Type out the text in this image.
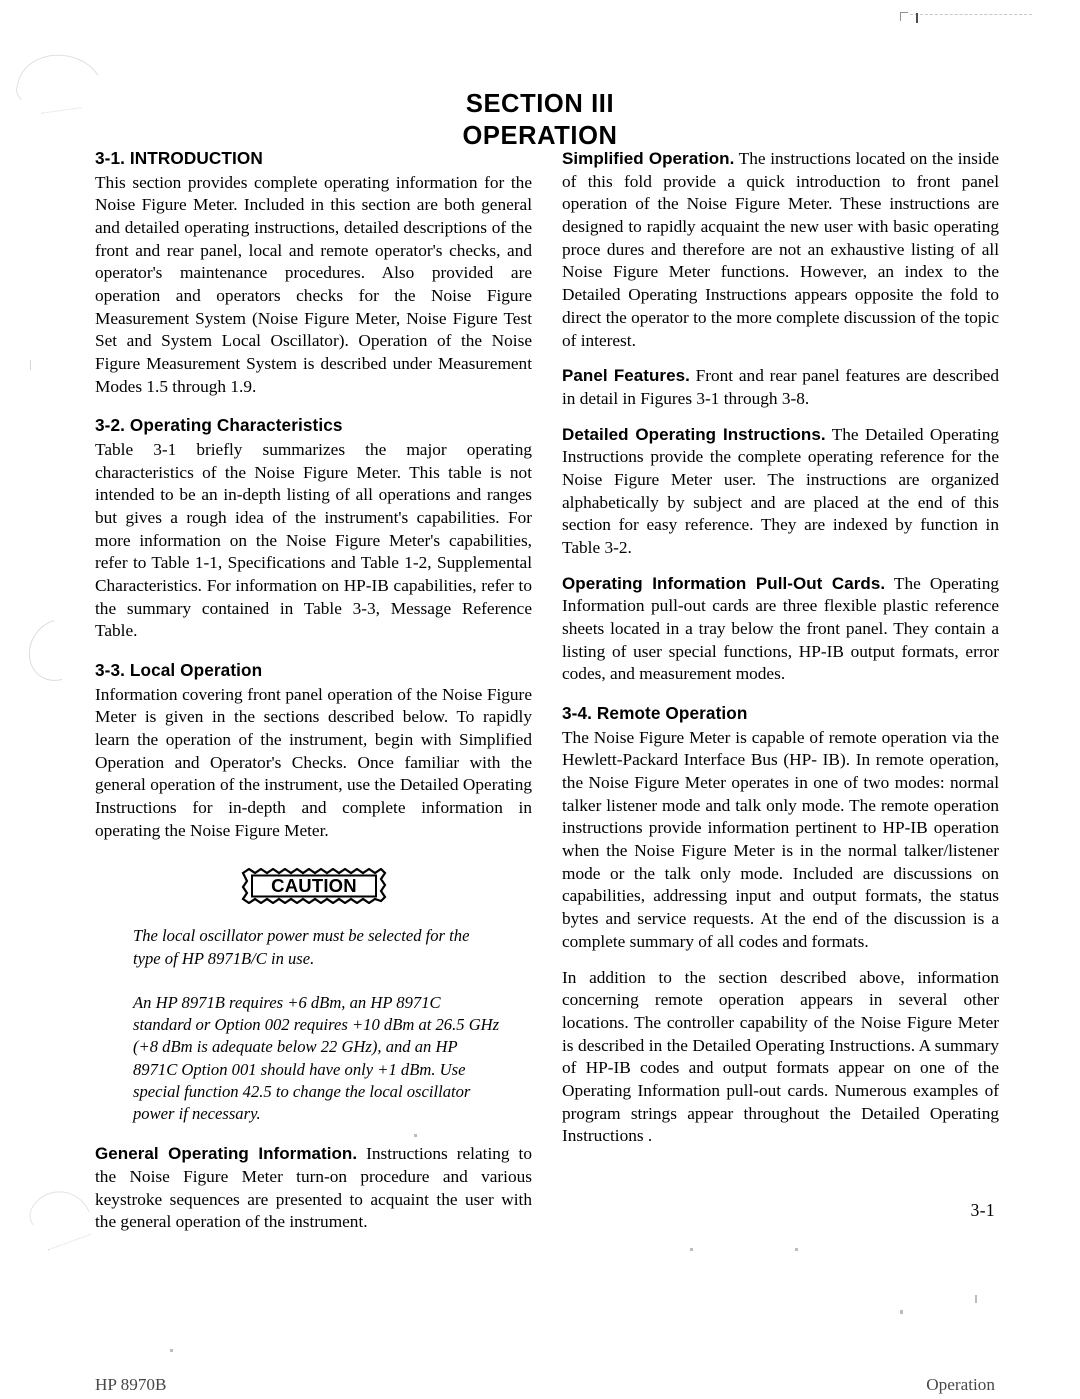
SECTION III
OPERATION
3-1. INTRODUCTION

This section provides complete operating information for the Noise Figure Meter. Included in this section are both general and detailed operating instructions, detailed descriptions of the front and rear panel, local and remote operator's checks, and operator's maintenance procedures. Also provided are operation and operators checks for the Noise Figure Measurement System (Noise Figure Meter, Noise Figure Test Set and System Local Oscillator). Operation of the Noise Figure Measurement System is described under Measurement Modes 1.5 through 1.9.

3-2. Operating Characteristics

Table 3-1 briefly summarizes the major operating characteristics of the Noise Figure Meter. This table is not intended to be an in-depth listing of all operations and ranges but gives a rough idea of the instrument's capabilities. For more information on the Noise Figure Meter's capabilities, refer to Table 1-1, Specifications and Table 1-2, Supplemental Characteristics. For information on HP-IB capabilities, refer to the summary contained in Table 3-3, Message Reference Table.

3-3. Local Operation

Information covering front panel operation of the Noise Figure Meter is given in the sections described below. To rapidly learn the operation of the instrument, begin with Simplified Operation and Operator's Checks. Once familiar with the general operation of the instrument, use the Detailed Operating Instructions for in-depth and complete information in operating the Noise Figure Meter.

CAUTION

The local oscillator power must be selected for the type of HP 8971B/C in use.

An HP 8971B requires +6 dBm, an HP 8971C standard or Option 002 requires +10 dBm at 26.5 GHz (+8 dBm is adequate below 22 GHz), and an HP 8971C Option 001 should have only +1 dBm. Use special function 42.5 to change the local oscillator power if necessary.

General Operating Information. Instructions relating to the Noise Figure Meter turn-on procedure and various keystroke sequences are presented to acquaint the user with the general operation of the instrument.

Simplified Operation. The instructions located on the inside of this fold provide a quick introduction to front panel operation of the Noise Figure Meter. These instructions are designed to rapidly acquaint the new user with basic operating proce dures and therefore are not an exhaustive listing of all Noise Figure Meter functions. However, an index to the Detailed Operating Instructions appears opposite the fold to direct the operator to the more complete discussion of the topic of interest.

Panel Features. Front and rear panel features are described in detail in Figures 3-1 through 3-8.

Detailed Operating Instructions. The Detailed Operating Instructions provide the complete operating reference for the Noise Figure Meter user. The instructions are organized alphabetically by subject and are placed at the end of this section for easy reference. They are indexed by function in Table 3-2.

Operating Information Pull-Out Cards. The Operating Information pull-out cards are three flexible plastic reference sheets located in a tray below the front panel. They contain a listing of user special functions, HP-IB output formats, error codes, and measurement modes.

3-4. Remote Operation

The Noise Figure Meter is capable of remote operation via the Hewlett-Packard Interface Bus (HP- IB). In remote operation, the Noise Figure Meter operates in one of two modes: normal talker listener mode and talk only mode. The remote operation instructions provide information pertinent to HP-IB operation when the Noise Figure Meter is in the normal talker/listener mode or the talk only mode. Included are discussions on capabilities, addressing input and output formats, the status bytes and service requests. At the end of the discussion is a complete summary of all codes and formats.

In addition to the section described above, information concerning remote operation appears in several other locations. The controller capability of the Noise Figure Meter is described in the Detailed Operating Instructions. A summary of HP-IB codes and output formats appear on one of the Operating Information pull-out cards. Numerous examples of program strings appear throughout the Detailed Operating Instructions .

3-1
HP 8970B	Operation
